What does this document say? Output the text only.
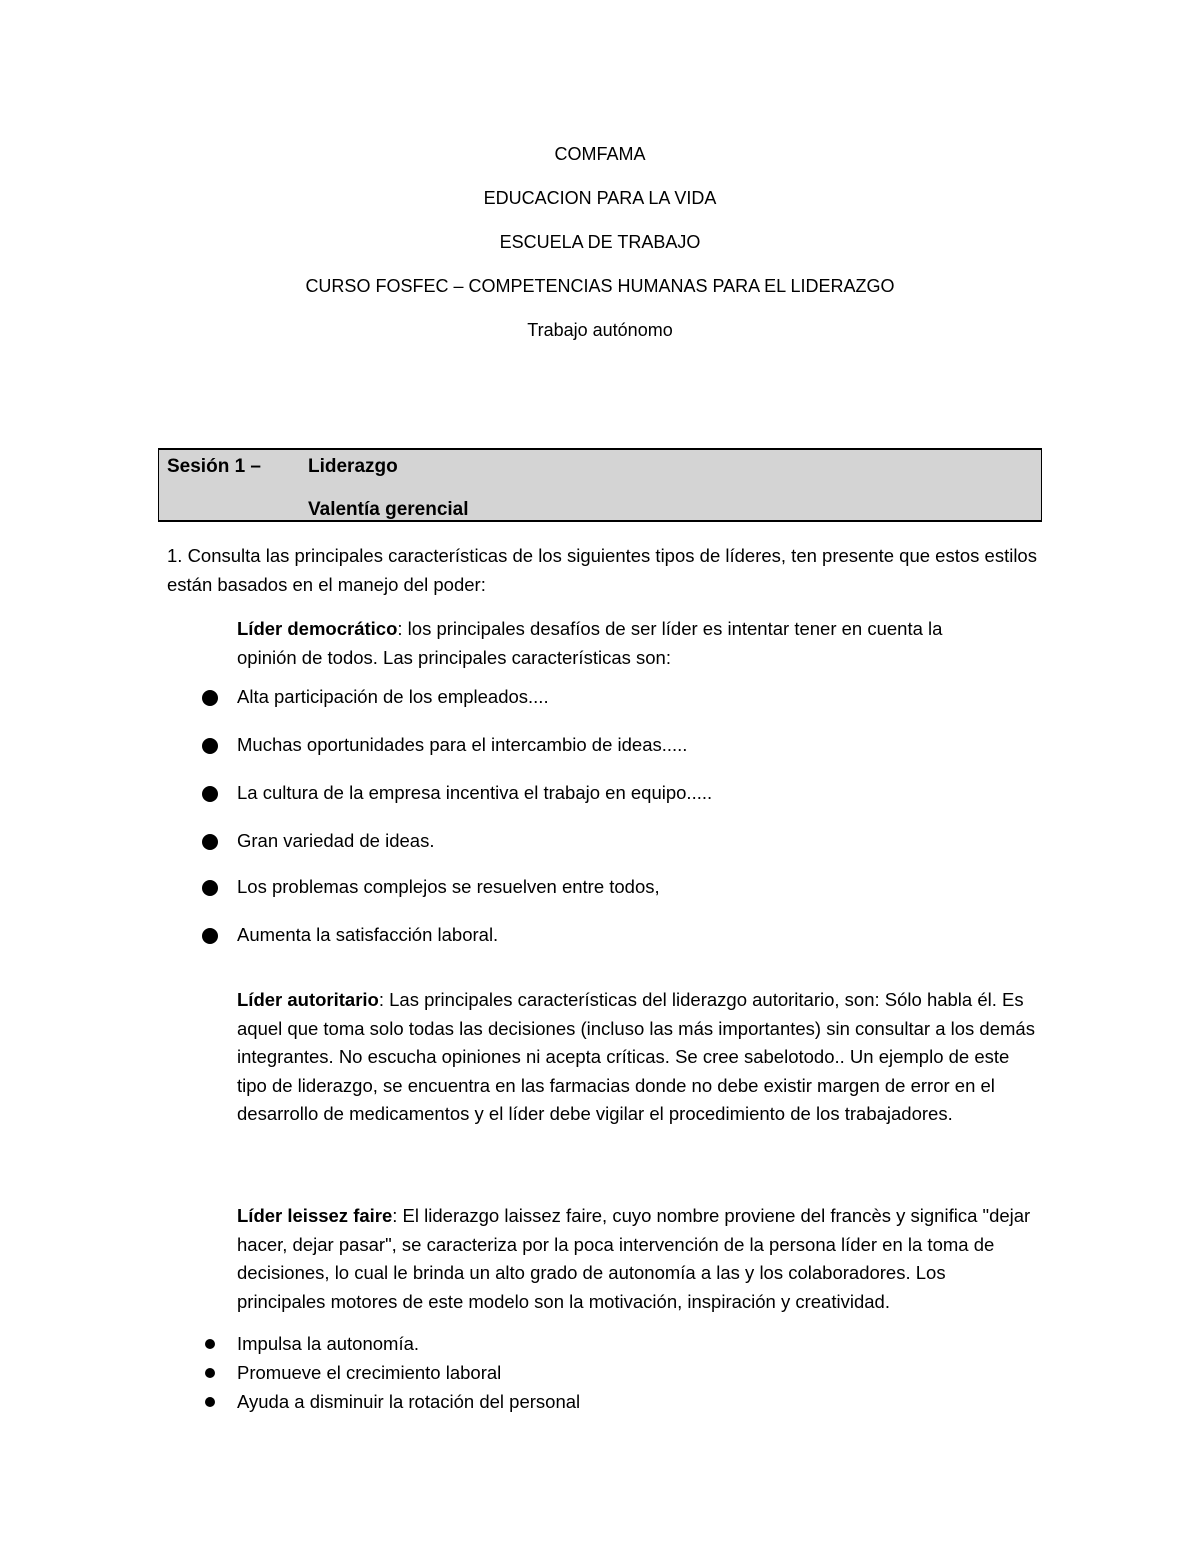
COMFAMA
EDUCACION PARA LA VIDA
ESCUELA DE TRABAJO
CURSO FOSFEC – COMPETENCIAS HUMANAS PARA EL LIDERAZGO
Trabajo autónomo
Sesión 1 – Liderazgo
Valentía gerencial

1. Consulta las principales características de los siguientes tipos de líderes, ten presente que estos estilos están basados en el manejo del poder:

Líder democrático: los principales desafíos de ser líder es intentar tener en cuenta la opinión de todos. Las principales características son:

Alta participación de los empleados....
Muchas oportunidades para el intercambio de ideas.....
La cultura de la empresa incentiva el trabajo en equipo.....
Gran variedad de ideas.
Los problemas complejos se resuelven entre todos,
Aumenta la satisfacción laboral.

Líder autoritario: Las principales características del liderazgo autoritario, son: Sólo habla él. Es aquel que toma solo todas las decisiones (incluso las más importantes) sin consultar a los demás integrantes. No escucha opiniones ni acepta críticas. Se cree sabelotodo.. Un ejemplo de este tipo de liderazgo, se encuentra en las farmacias donde no debe existir margen de error en el desarrollo de medicamentos y el líder debe vigilar el procedimiento de los trabajadores.

Líder leissez faire: El liderazgo laissez faire, cuyo nombre proviene del francès y significa "dejar hacer, dejar pasar", se caracteriza por la poca intervención de la persona líder en la toma de decisiones, lo cual le brinda un alto grado de autonomía a las y los colaboradores. Los principales motores de este modelo son la motivación, inspiración y creatividad.

Impulsa la autonomía.
Promueve el crecimiento laboral
Ayuda a disminuir la rotación del personal
